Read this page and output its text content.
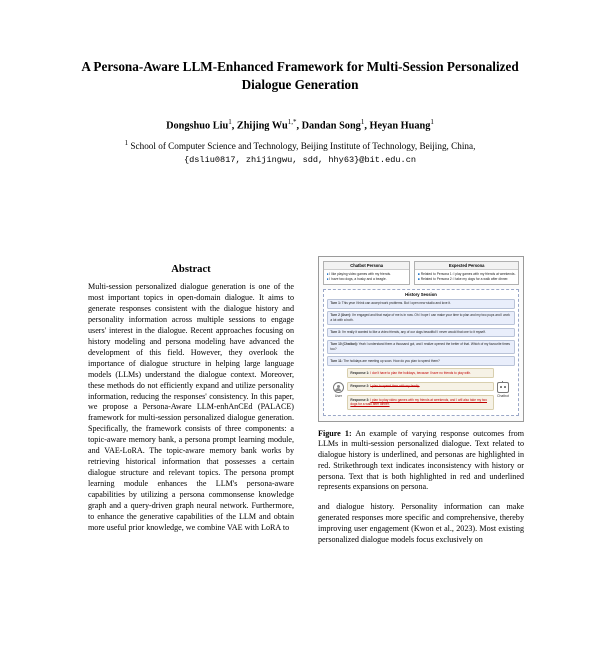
A Persona-Aware LLM-Enhanced Framework for Multi-Session Personalized Dialogue Generation
Dongshuo Liu$^1$, Zhijing $Wu^{1,*}$, Dandan Song$^1$, Heyan Huang$^1$
$^1$ School of Computer Science and Technology, Beijing Institute of Technology, Beijing, China,
{dsliu0817, zhijingwu, sdd, hhy63}@bit.edu.cn
Abstract

Multi-session personalized dialogue generation is one of the most important topics in open-domain dialogue. It aims to generate responses consistent with the dialogue history and personality information across multiple sessions to engage users' interest in the dialogue. Recent approaches focusing on history modeling and persona modeling have advanced the development of this field. However, they overlook the importance of dialogue structure in helping large language models (LLMs) understand the dialogue context. Moreover, these methods do not efficiently expand and utilize personality information, reducing the responses' consistency. In this paper, we propose a Persona-Aware LLM-enhAnCEd (PALACE) framework for multi-session personalized dialogue generation. Specifically, the framework consists of three components: a topic-aware memory bank, a persona prompt learning module, and VAE-LoRA. The topic-aware memory bank works by retrieving historical information that possesses a certain dialogue structure and relevant topics. The persona prompt learning module enhances the LLM's persona-aware capabilities by utilizing a persona commonsense knowledge graph and a query-driven graph neural network. Furthermore, to enhance the generative capabilities of the LLM and obtain more useful prior knowledge, we combine VAE with LoRA to

Chatbot Persona
■ I like playing video games with my friends.
■ I have two dogs, a husky and a beagle.
Expected Persona
■ Related to Persona 1: I play games with my friends at weekends.
■ Related to Persona 2: I take my dogs for a walk after dinner.
History Session
Turn 1: This year I think can accept work problems. But I open new studio and love it.
Turn 2 (User): I'm engaged and that major of me is in now. Oh I hope I can make your time to plan and my two pups and I work a lot with a both.
Turn 3: I'm really it wanted to like a video friends, any of our dogs beautiful! I never would that one to it myself.
Turn 10 (Chatbot): Yeah I understand them a thousand got, and I realize opened the better of that. Which of my favourite times too?
Turn 11: The holidays are meeting up soon. How do you plan to spend them?
User
Response 1: I don't have to plan the holidays, because I have no friends to play with.
Response 2: I plan to spend time with my family.
Response 3: I plan to play video games with my friends at weekends, and I will also take my two dogs for a walk after dinner.
Chatbot
Figure 1: An example of varying response outcomes from LLMs in multi-session personalized dialogue. Text related to dialogue history is underlined, and personas are highlighted in red. Strikethrough text indicates inconsistency with history or persona. Text that is both highlighted in red and underlined represents expansions on persona.

and dialogue history. Personality information can make generated responses more specific and comprehensive, thereby improving user engagement (Kwon et al., 2023). Most existing personalized dialogue models focus exclusively on
